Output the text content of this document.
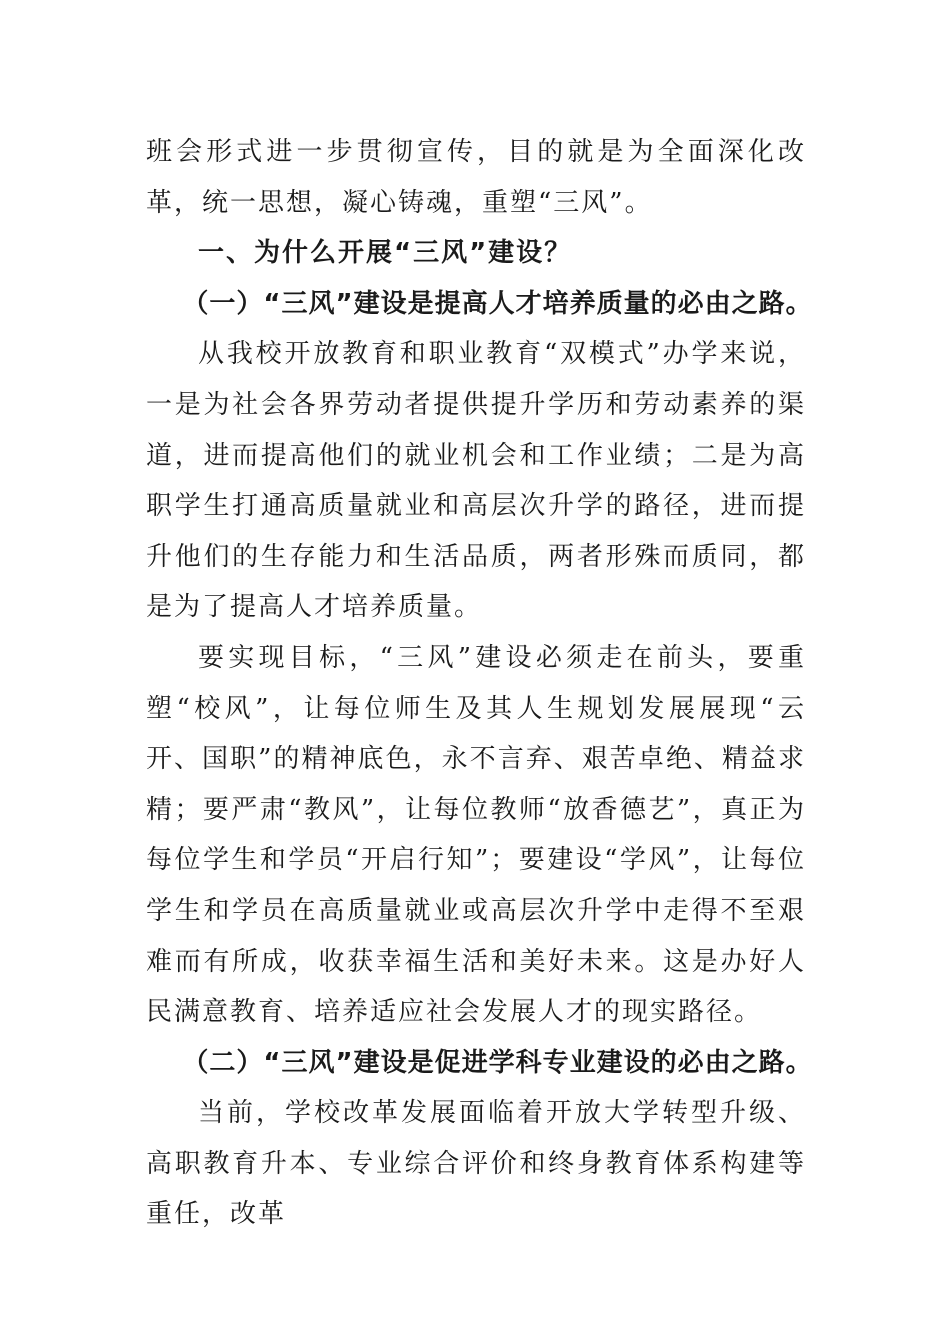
班会形式进一步贯彻宣传，目的就是为全面深化改革，统一思想，凝心铸魂，重塑“三风”。

一、为什么开展“三风”建设？

（一）“三风”建设是提高人才培养质量的必由之路。

从我校开放教育和职业教育“双模式”办学来说，一是为社会各界劳动者提供提升学历和劳动素养的渠道，进而提高他们的就业机会和工作业绩；二是为高职学生打通高质量就业和高层次升学的路径，进而提升他们的生存能力和生活品质，两者形殊而质同，都是为了提高人才培养质量。

要实现目标，“三风”建设必须走在前头，要重塑“校风”，让每位师生及其人生规划发展展现“云开、国职”的精神底色，永不言弃、艰苦卓绝、精益求精；要严肃“教风”，让每位教师“放香德艺”，真正为每位学生和学员“开启行知”；要建设“学风”，让每位学生和学员在高质量就业或高层次升学中走得不至艰难而有所成，收获幸福生活和美好未来。这是办好人民满意教育、培养适应社会发展人才的现实路径。

（二）“三风”建设是促进学科专业建设的必由之路。

当前，学校改革发展面临着开放大学转型升级、高职教育升本、专业综合评价和终身教育体系构建等重任，改革
